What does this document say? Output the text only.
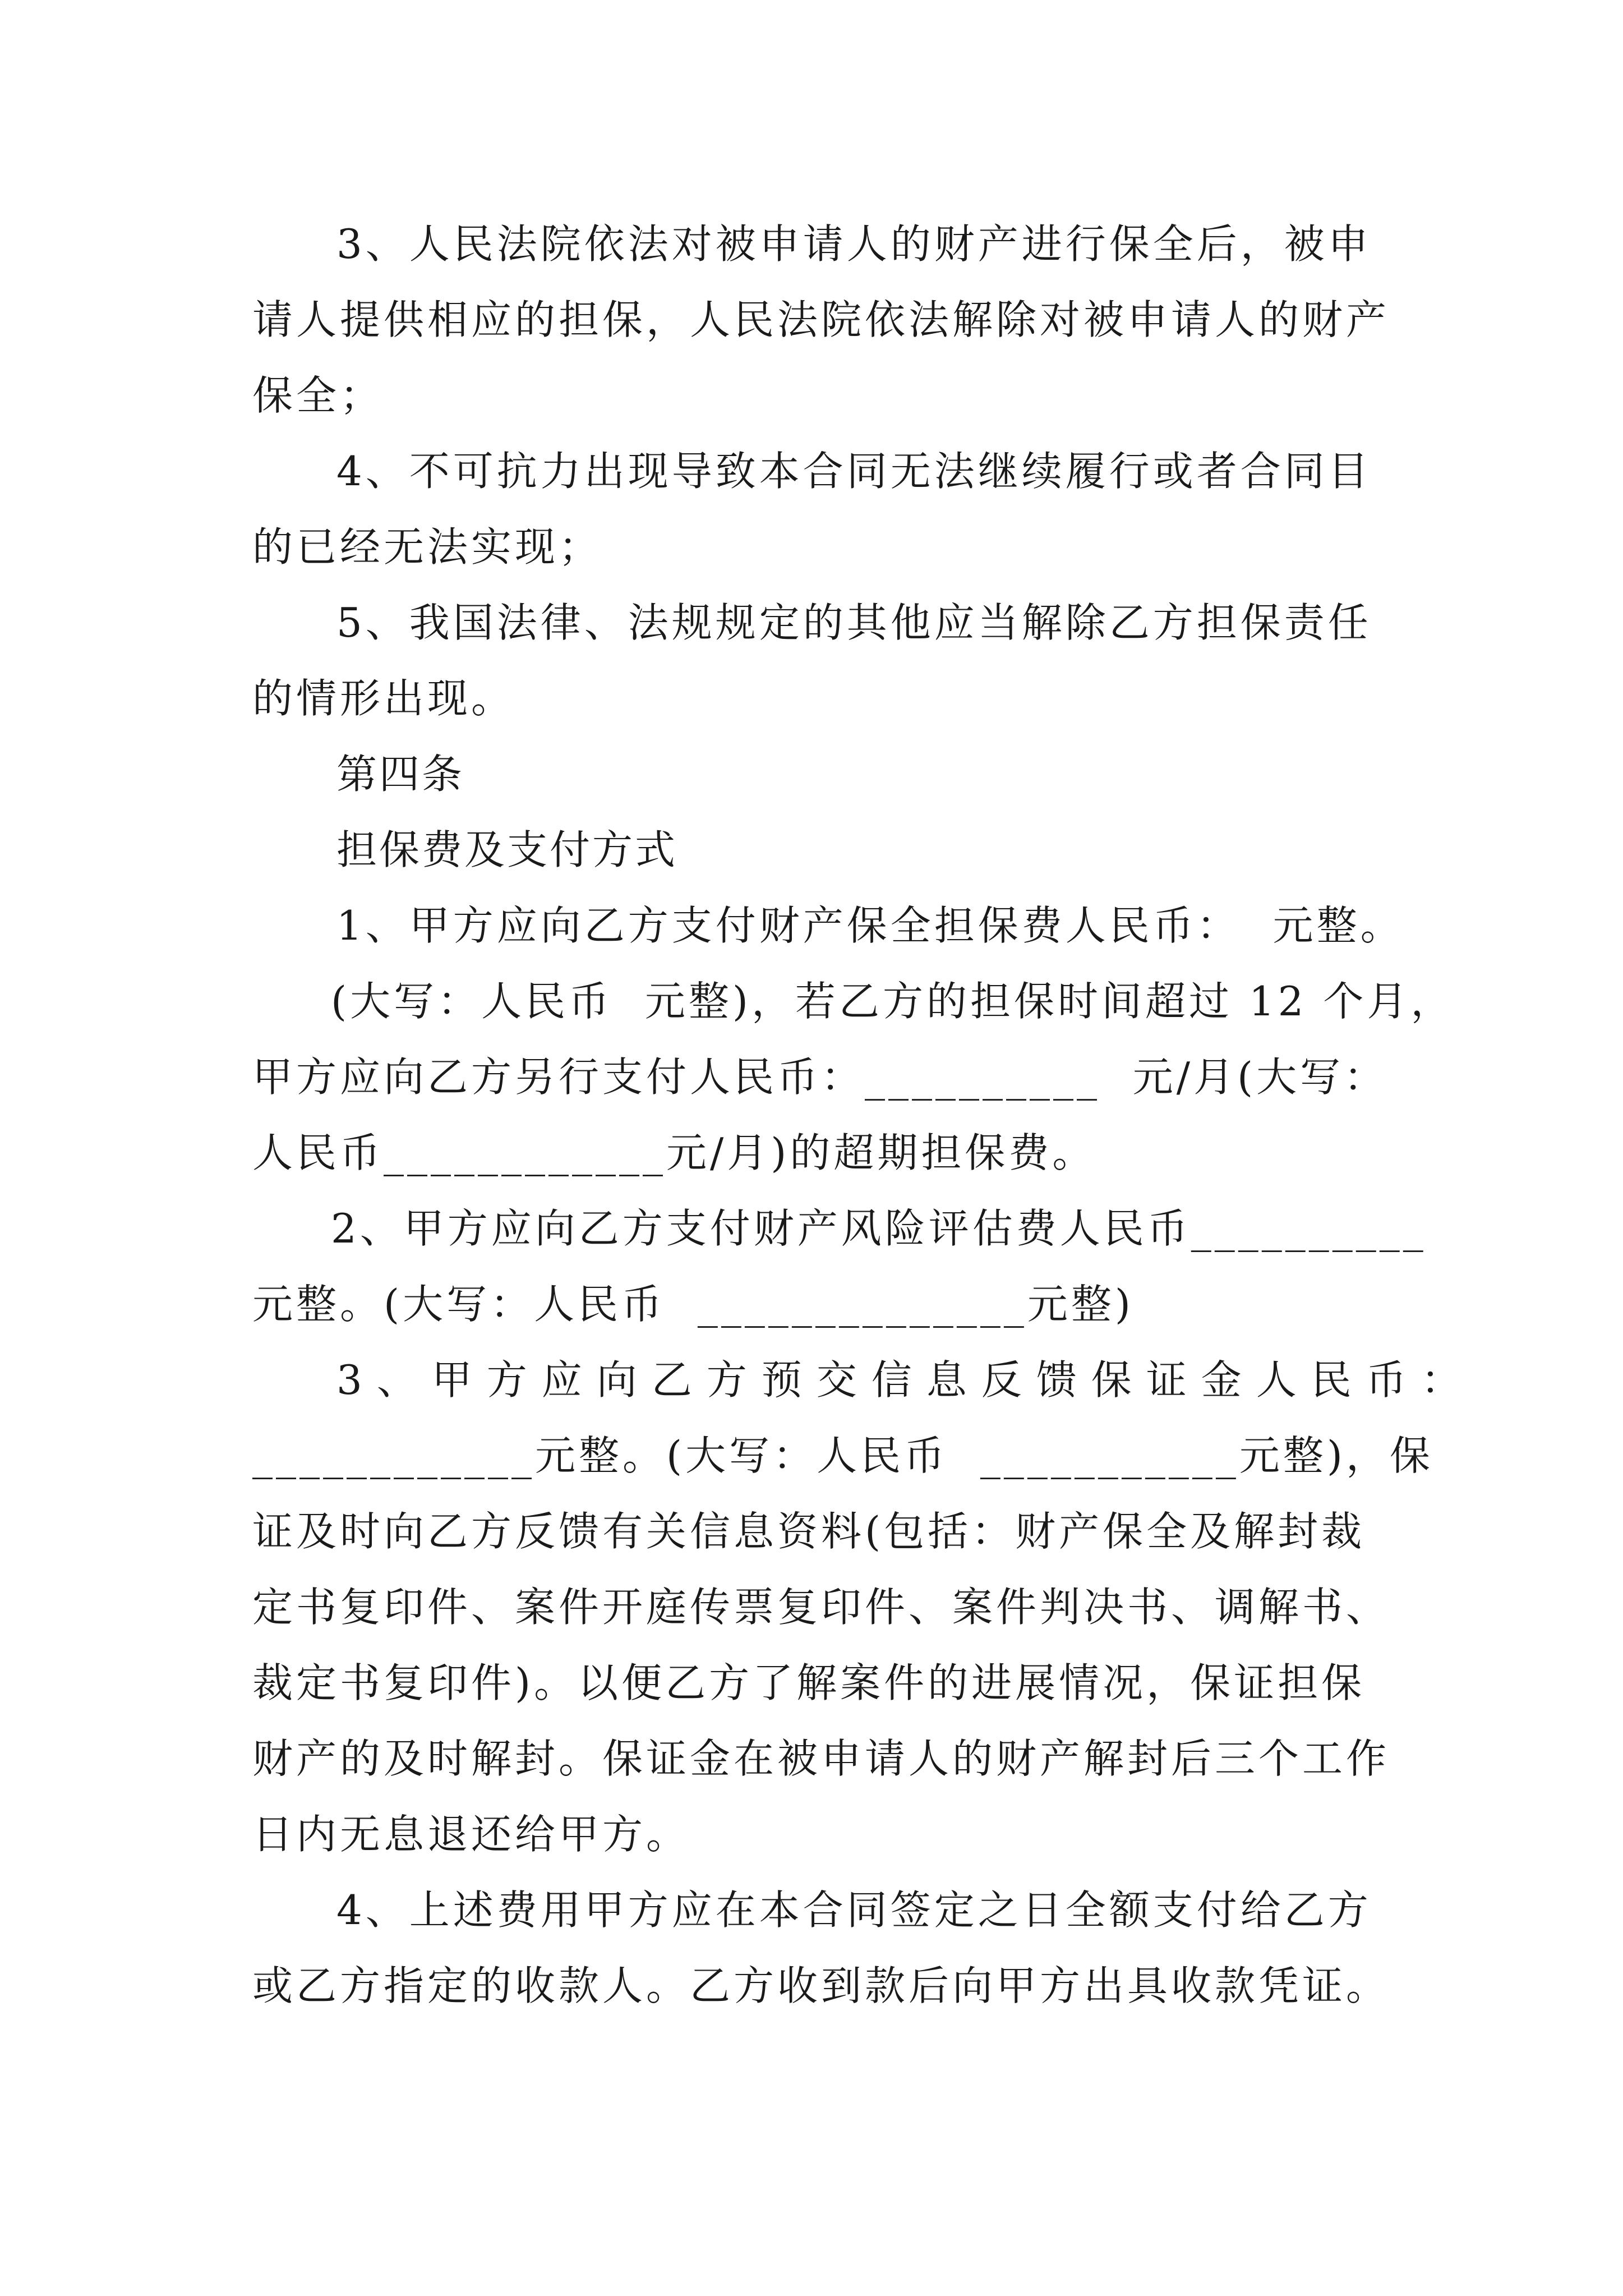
3、人民法院依法对被申请人的财产进行保全后，被申
请人提供相应的担保，人民法院依法解除对被申请人的财产
保全；
4、不可抗力出现导致本合同无法继续履行或者合同目
的已经无法实现；
5、我国法律、法规规定的其他应当解除乙方担保责任
的情形出现。
第四条
担保费及支付方式
1、甲方应向乙方支付财产保全担保费人民币：  元整。
(大写：人民币  元整)，若乙方的担保时间超过 12 个月，
甲方应向乙方另行支付人民币：__________  元/月(大写：
人民币____________元/月)的超期担保费。
2、甲方应向乙方支付财产风险评估费人民币__________
元整。(大写：人民币  ______________元整)
3、甲方应向乙方预交信息反馈保证金人民币：
____________元整。(大写：人民币  ___________元整)，保
证及时向乙方反馈有关信息资料(包括：财产保全及解封裁
定书复印件、案件开庭传票复印件、案件判决书、调解书、
裁定书复印件)。以便乙方了解案件的进展情况，保证担保
财产的及时解封。保证金在被申请人的财产解封后三个工作
日内无息退还给甲方。
4、上述费用甲方应在本合同签定之日全额支付给乙方
或乙方指定的收款人。乙方收到款后向甲方出具收款凭证。
